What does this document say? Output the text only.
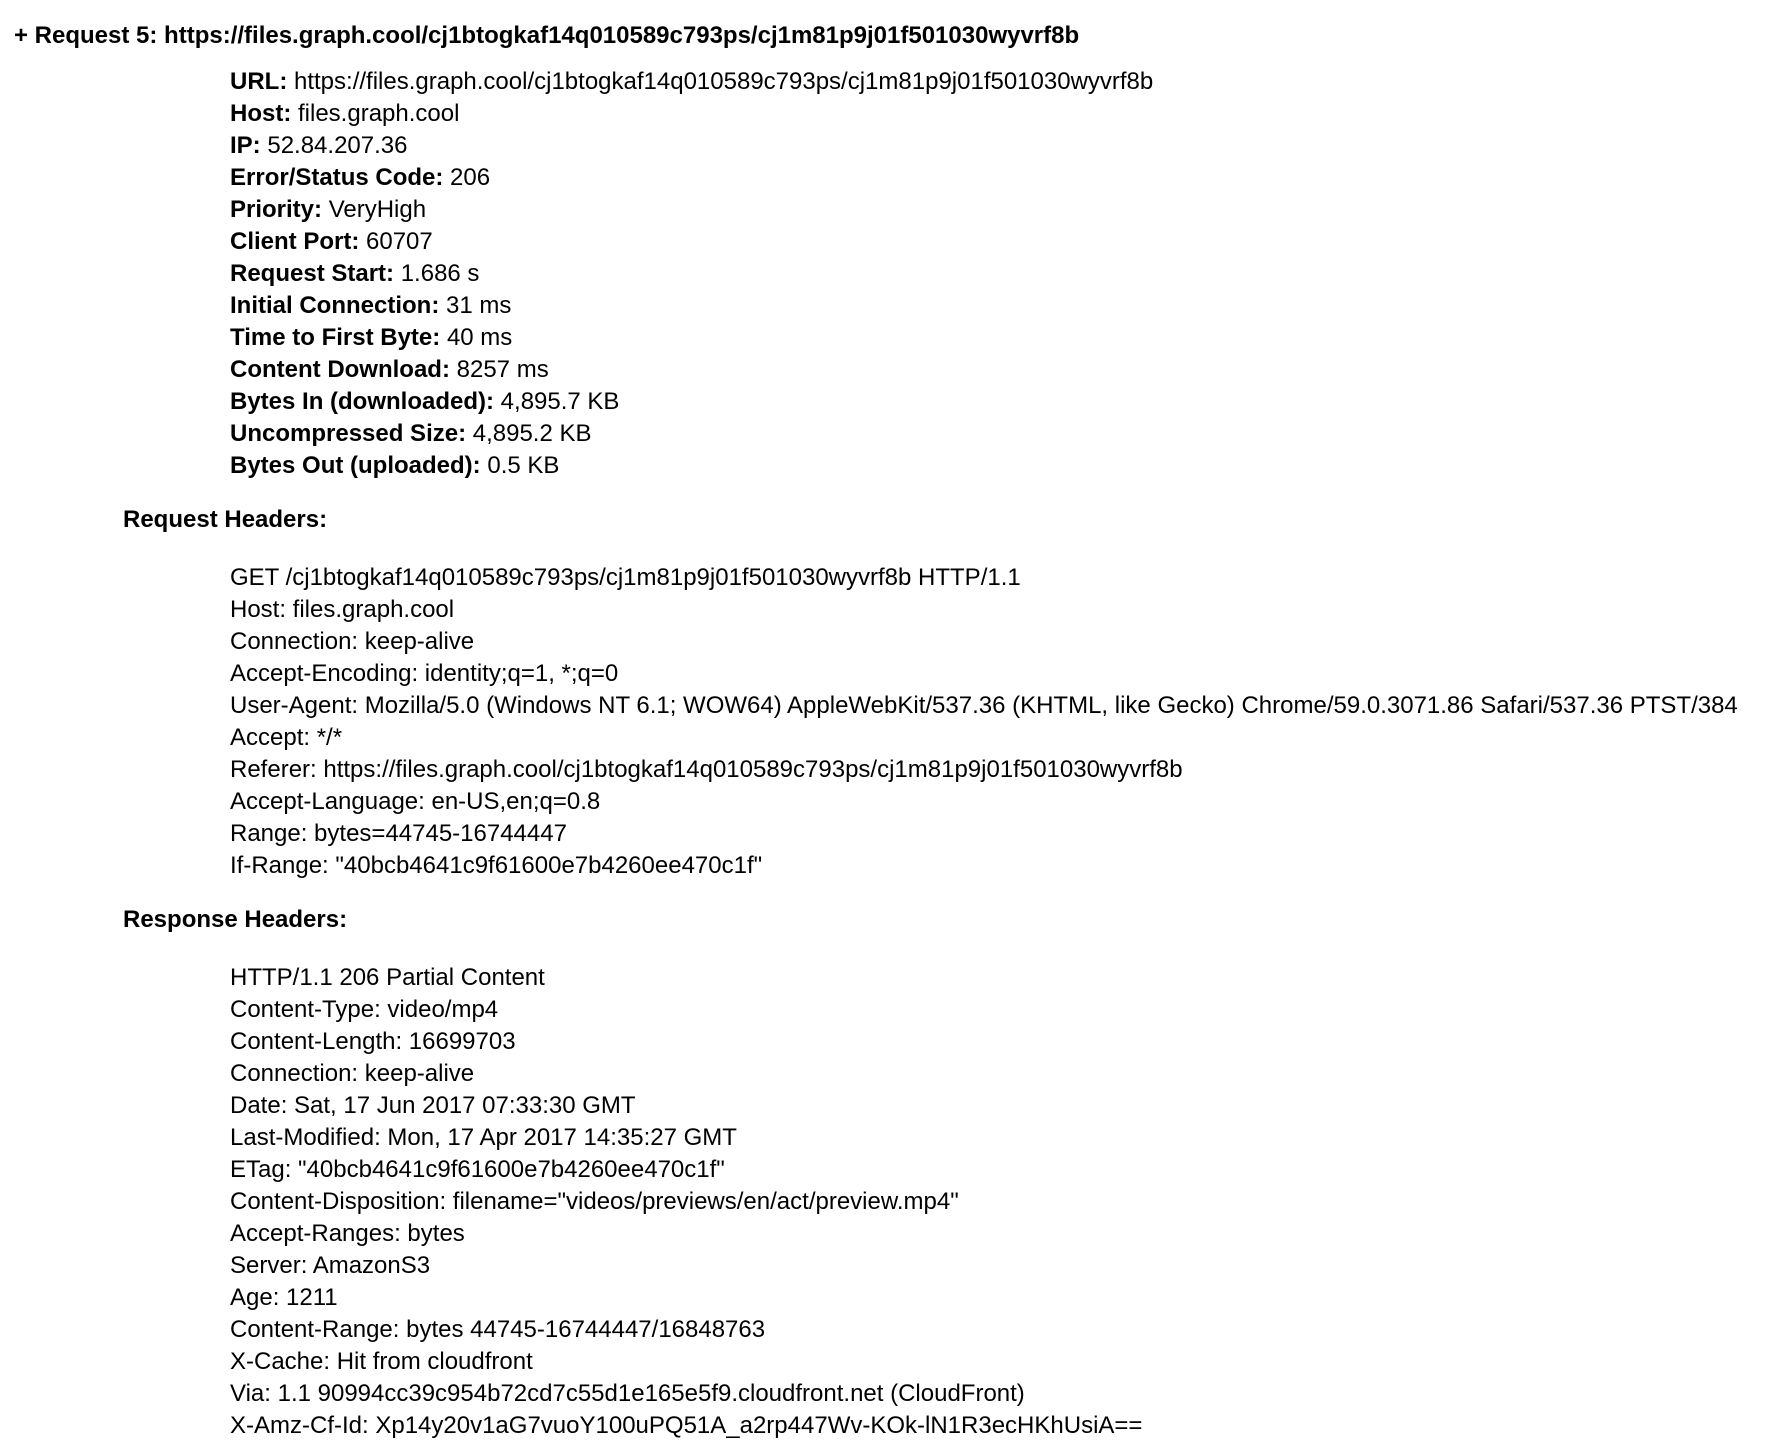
+ Request 5: https://files.graph.cool/cj1btogkaf14q010589c793ps/cj1m81p9j01f501030wyvrf8b
URL: https://files.graph.cool/cj1btogkaf14q010589c793ps/cj1m81p9j01f501030wyvrf8b
Host: files.graph.cool
IP: 52.84.207.36
Error/Status Code: 206
Priority: VeryHigh
Client Port: 60707
Request Start: 1.686 s
Initial Connection: 31 ms
Time to First Byte: 40 ms
Content Download: 8257 ms
Bytes In (downloaded): 4,895.7 KB
Uncompressed Size: 4,895.2 KB
Bytes Out (uploaded): 0.5 KB
Request Headers:
GET /cj1btogkaf14q010589c793ps/cj1m81p9j01f501030wyvrf8b HTTP/1.1
Host: files.graph.cool
Connection: keep-alive
Accept-Encoding: identity;q=1, *;q=0
User-Agent: Mozilla/5.0 (Windows NT 6.1; WOW64) AppleWebKit/537.36 (KHTML, like Gecko) Chrome/59.0.3071.86 Safari/537.36 PTST/384
Accept: */*
Referer: https://files.graph.cool/cj1btogkaf14q010589c793ps/cj1m81p9j01f501030wyvrf8b
Accept-Language: en-US,en;q=0.8
Range: bytes=44745-16744447
If-Range: "40bcb4641c9f61600e7b4260ee470c1f"
Response Headers:
HTTP/1.1 206 Partial Content
Content-Type: video/mp4
Content-Length: 16699703
Connection: keep-alive
Date: Sat, 17 Jun 2017 07:33:30 GMT
Last-Modified: Mon, 17 Apr 2017 14:35:27 GMT
ETag: "40bcb4641c9f61600e7b4260ee470c1f"
Content-Disposition: filename="videos/previews/en/act/preview.mp4"
Accept-Ranges: bytes
Server: AmazonS3
Age: 1211
Content-Range: bytes 44745-16744447/16848763
X-Cache: Hit from cloudfront
Via: 1.1 90994cc39c954b72cd7c55d1e165e5f9.cloudfront.net (CloudFront)
X-Amz-Cf-Id: Xp14y20v1aG7vuoY100uPQ51A_a2rp447Wv-KOk-lN1R3ecHKhUsiA==
